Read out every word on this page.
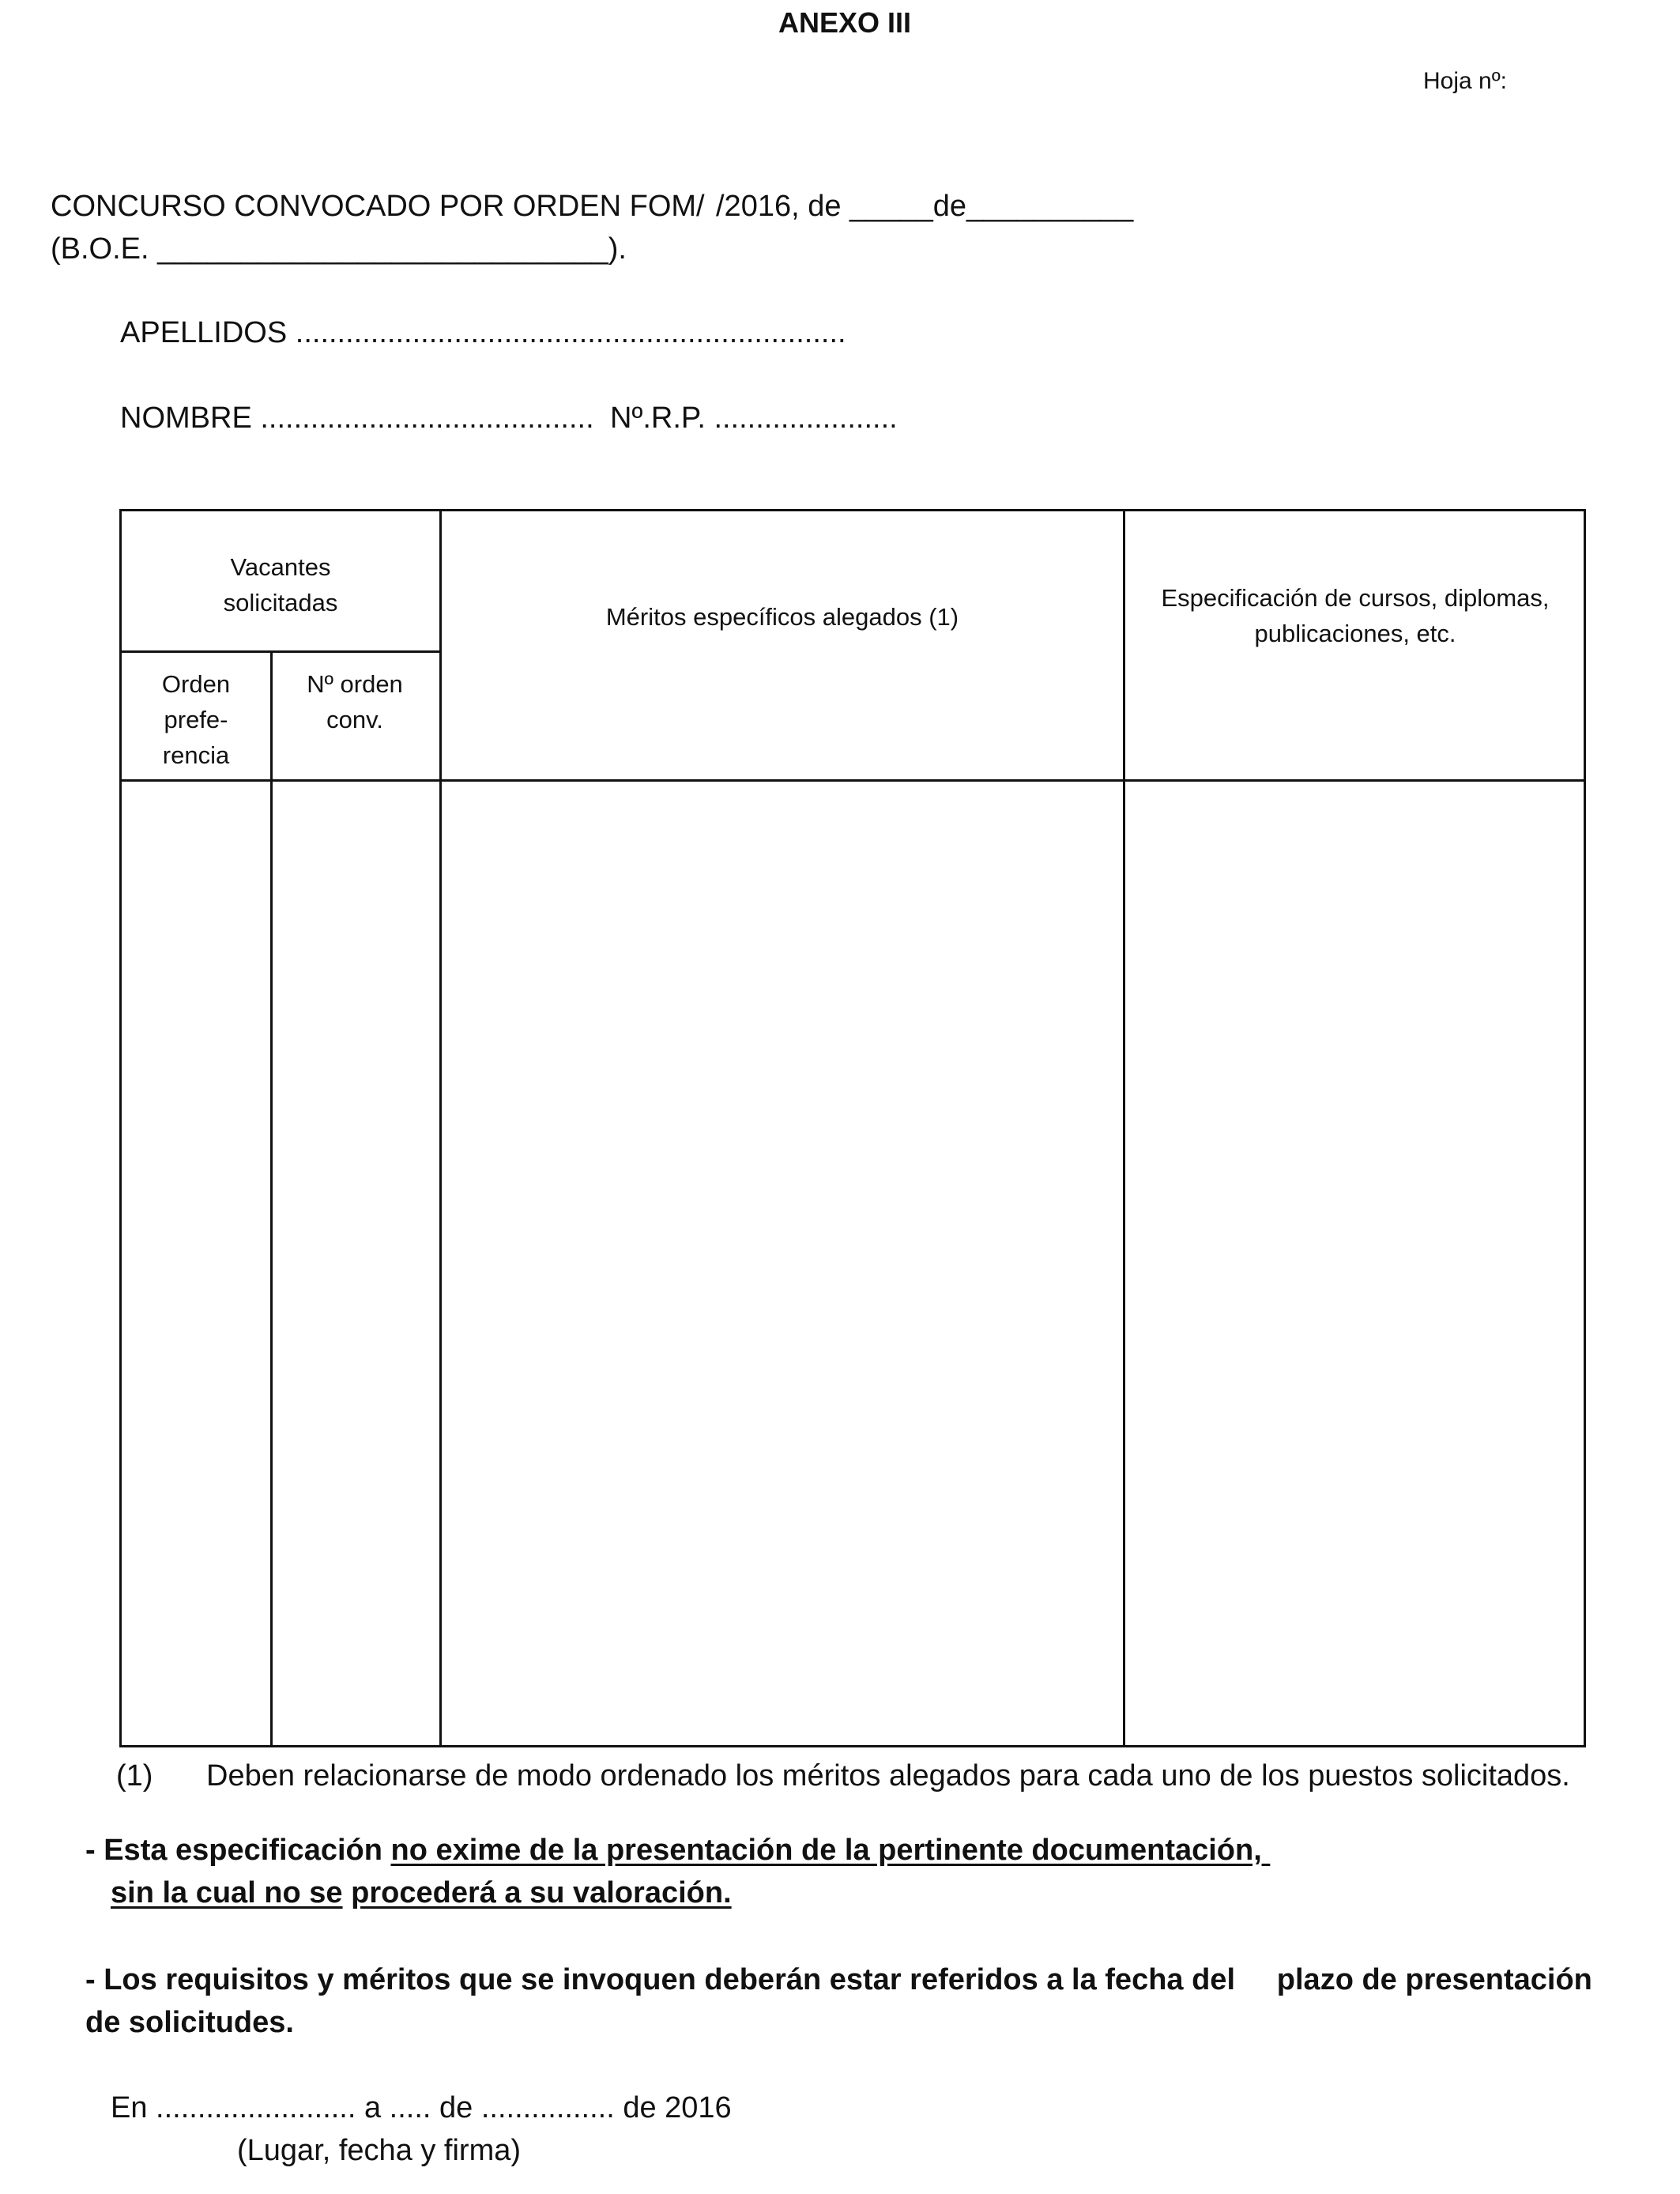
ANEXO III
Hoja nº:
CONCURSO CONVOCADO POR ORDEN FOM/ /2016, de _____de__________
(B.O.E. ___________________________).
APELLIDOS ..................................................................
NOMBRE ........................................ Nº.R.P. ......................
Vacantes solicitadas
Orden prefe- rencia
Nº orden conv.
Méritos específicos alegados (1)
Especificación de cursos, diplomas, publicaciones, etc.
(1) Deben relacionarse de modo ordenado los méritos alegados para cada uno de los puestos solicitados.
- Esta especificación no exime de la presentación de la pertinente documentación,
sin la cual no se procederá a su valoración.
- Los requisitos y méritos que se invoquen deberán estar referidos a la fecha del     plazo de presentación
de solicitudes.
En ........................ a ..... de ................ de 2016
(Lugar, fecha y firma)
